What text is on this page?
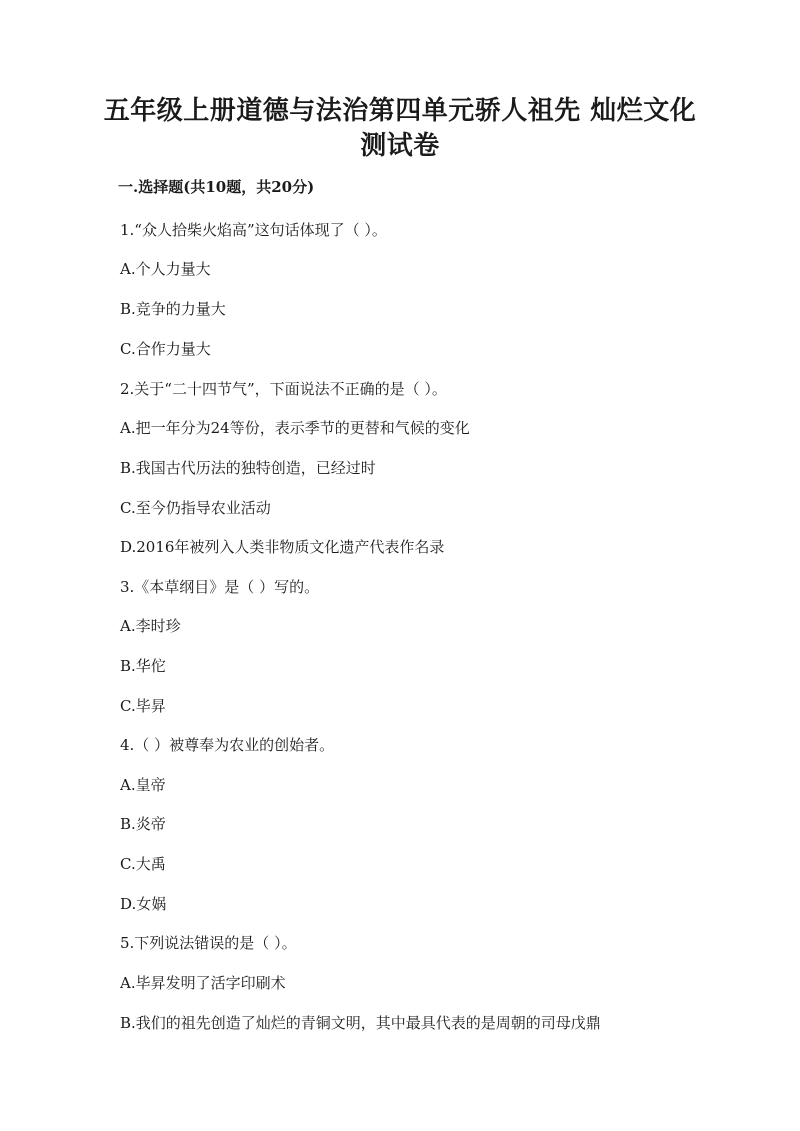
五年级上册道德与法治第四单元骄人祖先 灿烂文化
测试卷
一.选择题(共10题，共20分)
1.“众人拾柴火焰高”这句话体现了（ ）。
A.个人力量大
B.竞争的力量大
C.合作力量大
2.关于“二十四节气”，下面说法不正确的是（ ）。
A.把一年分为24等份，表示季节的更替和气候的变化
B.我国古代历法的独特创造，已经过时
C.至今仍指导农业活动
D.2016年被列入人类非物质文化遗产代表作名录
3.《本草纲目》是（ ）写的。
A.李时珍
B.华佗
C.毕昇
4.（ ）被尊奉为农业的创始者。
A.皇帝
B.炎帝
C.大禹
D.女娲
5.下列说法错误的是（ ）。
A.毕昇发明了活字印刷术
B.我们的祖先创造了灿烂的青铜文明，其中最具代表的是周朝的司母戊鼎
